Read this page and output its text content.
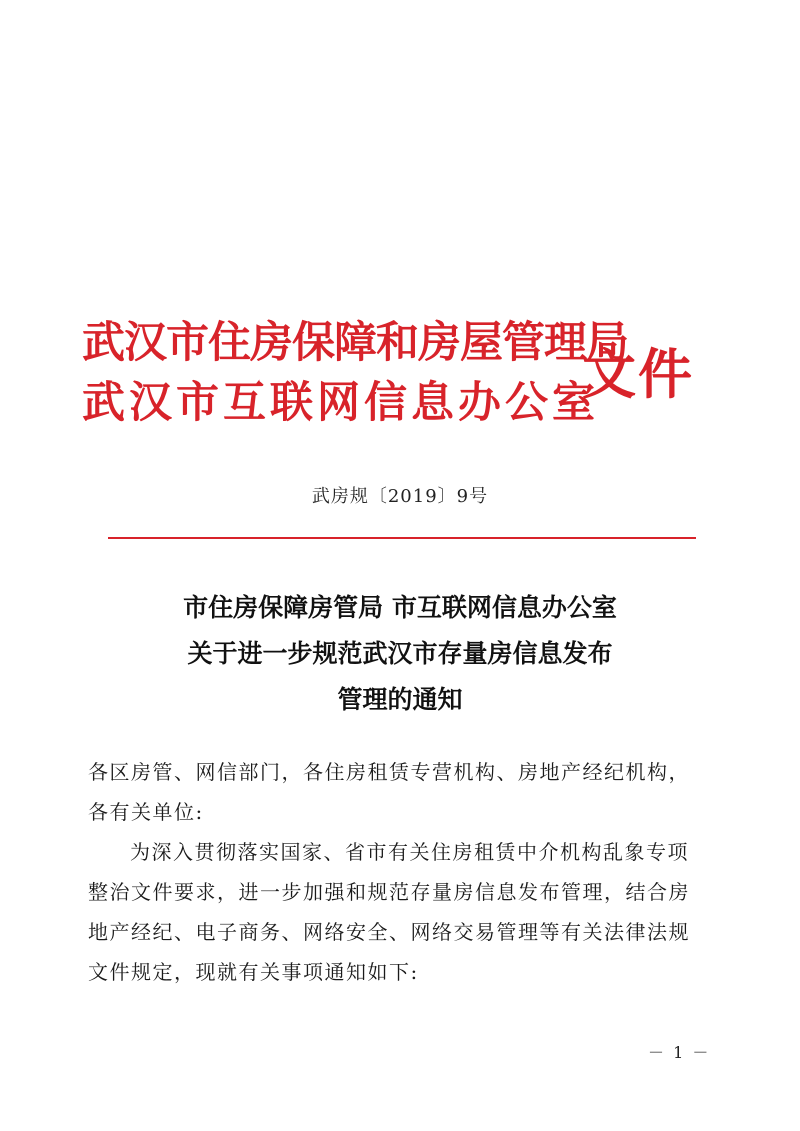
武汉市住房保障和房屋管理局
武汉市互联网信息办公室
文件
武房规〔2019〕9号
市住房保障房管局 市互联网信息办公室
关于进一步规范武汉市存量房信息发布
管理的通知
各区房管、网信部门，各住房租赁专营机构、房地产经纪机构，
各有关单位:
为深入贯彻落实国家、省市有关住房租赁中介机构乱象专项
整治文件要求，进一步加强和规范存量房信息发布管理，结合房
地产经纪、电子商务、网络安全、网络交易管理等有关法律法规
文件规定，现就有关事项通知如下:
－ 1 －
